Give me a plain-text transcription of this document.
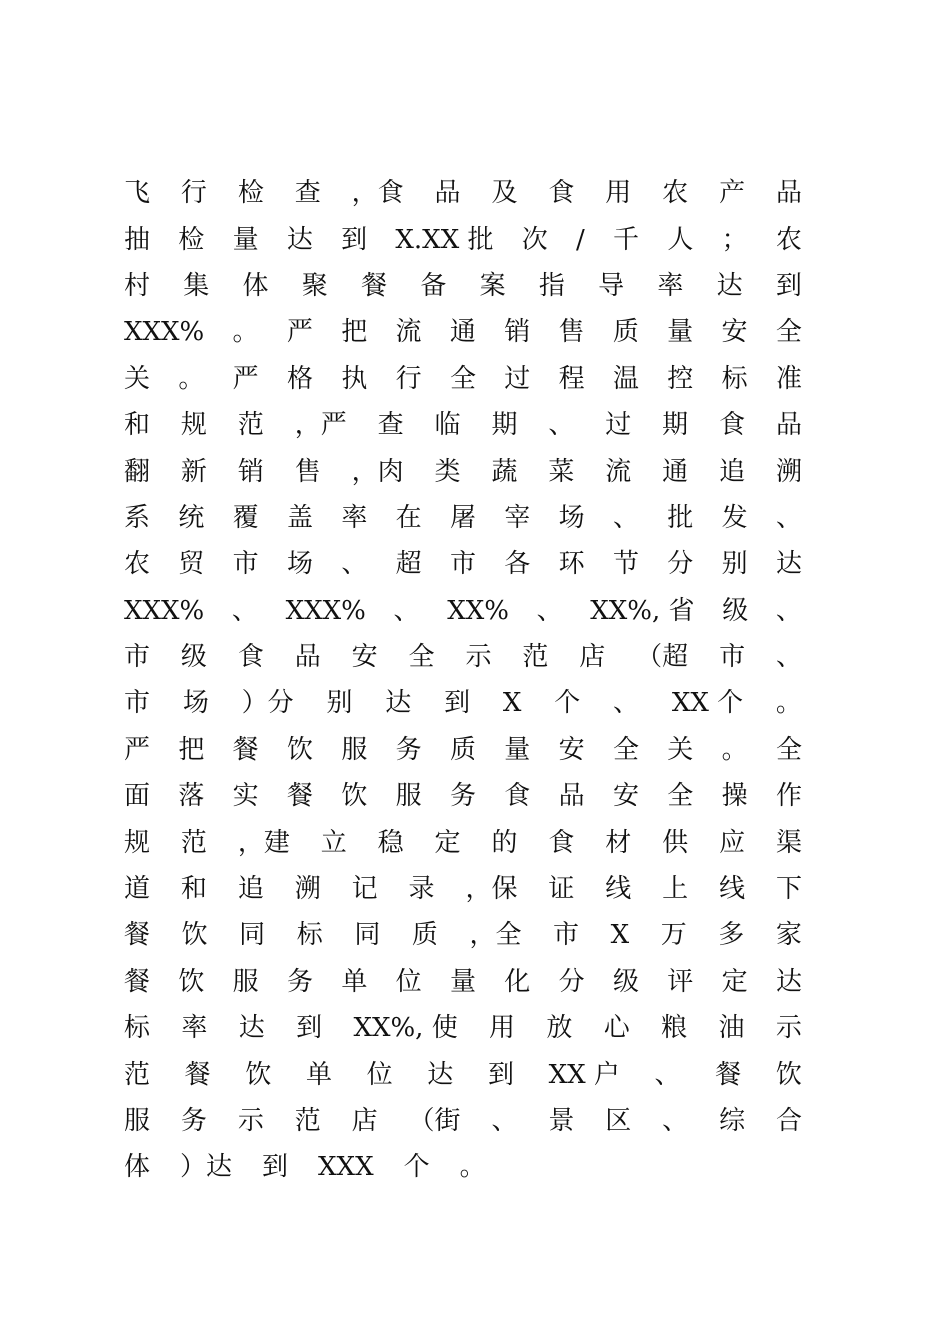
飞 行 检 查 ，食 品 及 食 用 农 产 品
抽 检 量 达 到 X.XX 批 次 / 千 人 ； 农
村 集 体 聚 餐 备 案 指 导 率 达 到
XXX% 。 严 把 流 通 销 售 质 量 安 全
关 。 严 格 执 行 全 过 程 温 控 标 准
和 规 范 ，严 查 临 期 、 过 期 食 品
翻 新 销 售 ，肉 类 蔬 菜 流 通 追 溯
系 统 覆 盖 率 在 屠 宰 场 、 批 发 、
农 贸 市 场 、 超 市 各 环 节 分 别 达
XXX% 、 XXX% 、 XX% 、 XX%, 省 级 、
市 级 食 品 安 全 示 范 店 （超 市 、
市 场 ）分 别 达 到 X 个 、 XX 个 。
严 把 餐 饮 服 务 质 量 安 全 关 。 全
面 落 实 餐 饮 服 务 食 品 安 全 操 作
规 范 ，建 立 稳 定 的 食 材 供 应 渠
道 和 追 溯 记 录 ，保 证 线 上 线 下
餐 饮 同 标 同 质 ，全 市 X 万 多 家
餐 饮 服 务 单 位 量 化 分 级 评 定 达
标 率 达 到 XX%, 使 用 放 心 粮 油 示
范 餐 饮 单 位 达 到 XX 户 、 餐 饮
服 务 示 范 店 （街 、 景 区 、 综 合
体 ）达 到 XXX 个 。
